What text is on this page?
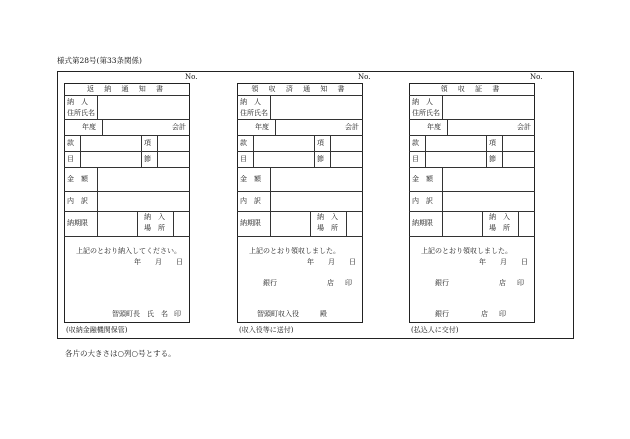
様式第28号(第33条関係)
No.
返 納 通 知 書
納　人
住所氏名
年度	会計
款	項
目	節
金　額
内　訳
納期限
納　入
場　所
上記のとおり納入してください。
年　　月　　日
智頭町長　氏　名 印
(収納金融機関保管)
No.
領 収 済 通 知 書
納　人
住所氏名
年度	会計
款	項
目	節
金　額
内　訳
納期限
納　入
場　所
上記のとおり領収しました。
年　　月　　日
銀行	店 印
智頭町収入役	殿
(収入役等に送付)
No.
領 収 証 書
納　人
住所氏名
年度	会計
款	項
目	節
金　額
内　訳
納期限
納　入
場　所
上記のとおり領収しました。
年　　月　　日
銀行	店 印
銀行	店 印
(払込人に交付)
各片の大きさは○列○号とする。
